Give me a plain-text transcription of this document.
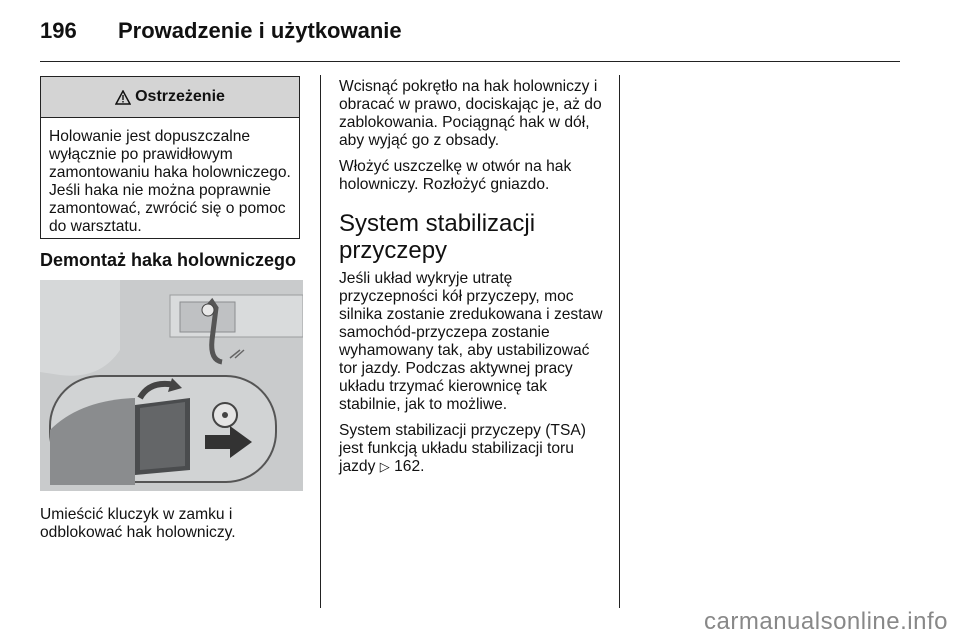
196 Prowadzenie i użytkowanie
Ostrzeżenie
Holowanie jest dopuszczalne wyłącznie po prawidłowym zamontowaniu haka holowniczego. Jeśli haka nie można poprawnie zamontować, zwrócić się o pomoc do warsztatu.
Demontaż haka holowniczego
Umieścić kluczyk w zamku i odblokować hak holowniczy.

Wcisnąć pokrętło na hak holowniczy i obracać w prawo, dociskając je, aż do zablokowania. Pociągnąć hak w dół, aby wyjąć go z obsady.

Włożyć uszczelkę w otwór na hak holowniczy. Rozłożyć gniazdo.

System stabilizacji przyczepy

Jeśli układ wykryje utratę przyczepności kół przyczepy, moc silnika zostanie zredukowana i zestaw samochód-przyczepa zostanie wyhamowany tak, aby ustabilizować tor jazdy. Podczas aktywnej pracy układu trzymać kierownicę tak stabilnie, jak to możliwe.

System stabilizacji przyczepy (TSA) jest funkcją układu stabilizacji toru jazdy ▷ 162.

carmanualsonline.info
